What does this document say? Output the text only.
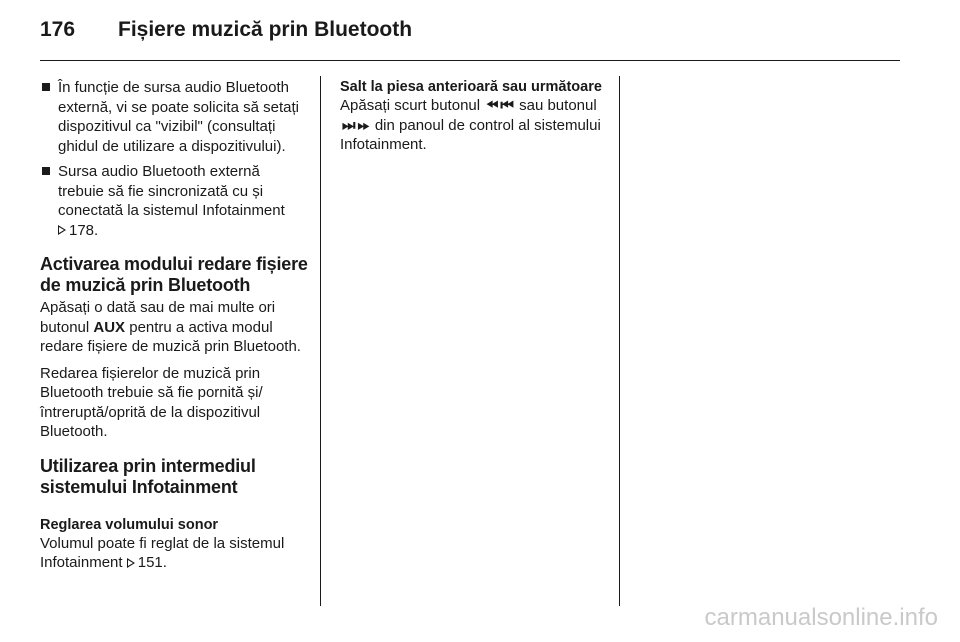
176 Fișiere muzică prin Bluetooth
În funcție de sursa audio Bluetooth externă, vi se poate solicita să setați dispozitivul ca "vizibil" (consultați ghidul de utilizare a dispozitivului).
Sursa audio Bluetooth externă trebuie să fie sincronizată cu și conectată la sistemul Infotainment
178.
Activarea modului redare fișiere de muzică prin Bluetooth

Apăsați o dată sau de mai multe ori butonul AUX pentru a activa modul redare fișiere de muzică prin Bluetooth.

Redarea fișierelor de muzică prin Bluetooth trebuie să fie pornită și/ întreruptă/oprită de la dispozitivul Bluetooth.

Utilizarea prin intermediul sistemului Infotainment
Reglarea volumului sonor

Volumul poate fi reglat de la sistemul Infotainment 151.

Salt la piesa anterioară sau următoare

Apăsați scurt butonul ⏪︎ ⏮︎ sau butonul ⏭︎ ⏩︎ din panoul de control al sistemului Infotainment.

carmanualsonline.info
